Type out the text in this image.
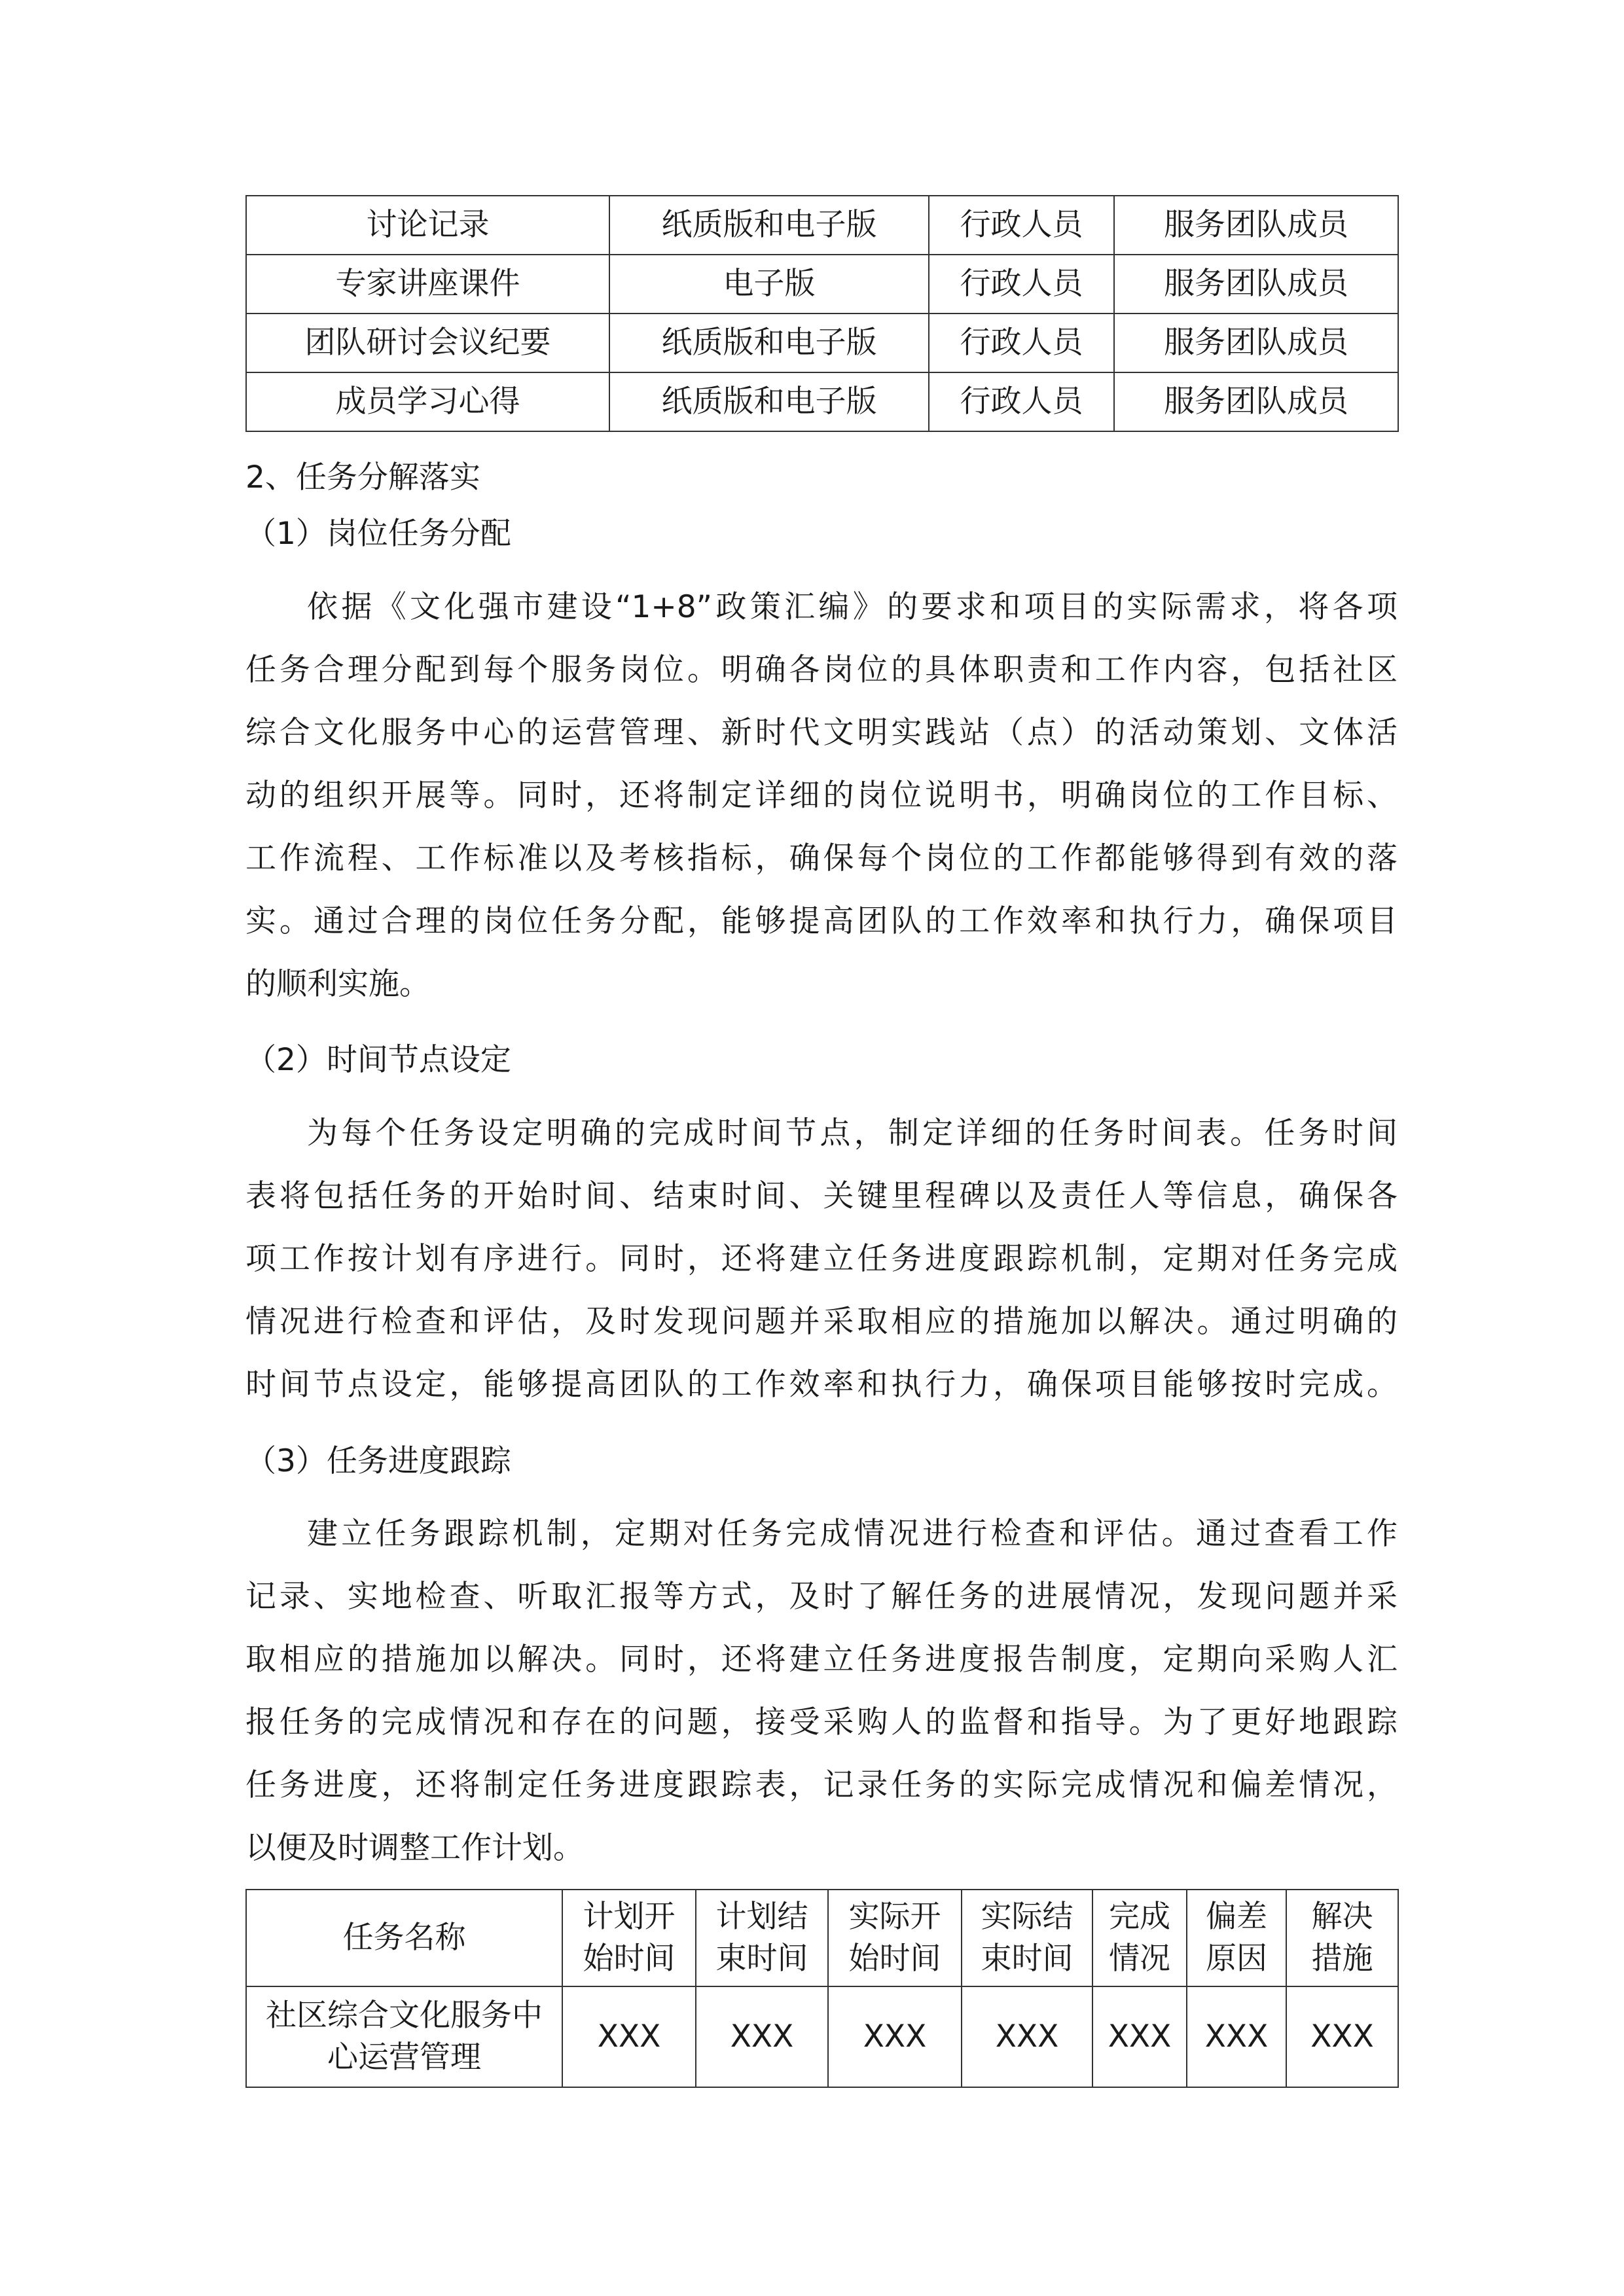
讨论记录	纸质版和电子版	行政人员	服务团队成员
专家讲座课件	电子版	行政人员	服务团队成员
团队研讨会议纪要	纸质版和电子版	行政人员	服务团队成员
成员学习心得	纸质版和电子版	行政人员	服务团队成员
2、任务分解落实
（1）岗位任务分配
依据《文化强市建设“1+8”政策汇编》的要求和项目的实际需求，将各项
任务合理分配到每个服务岗位。明确各岗位的具体职责和工作内容，包括社区
综合文化服务中心的运营管理、新时代文明实践站（点）的活动策划、文体活
动的组织开展等。同时，还将制定详细的岗位说明书，明确岗位的工作目标、
工作流程、工作标准以及考核指标，确保每个岗位的工作都能够得到有效的落
实。通过合理的岗位任务分配，能够提高团队的工作效率和执行力，确保项目
的顺利实施。
（2）时间节点设定
为每个任务设定明确的完成时间节点，制定详细的任务时间表。任务时间
表将包括任务的开始时间、结束时间、关键里程碑以及责任人等信息，确保各
项工作按计划有序进行。同时，还将建立任务进度跟踪机制，定期对任务完成
情况进行检查和评估，及时发现问题并采取相应的措施加以解决。通过明确的
时间节点设定，能够提高团队的工作效率和执行力，确保项目能够按时完成。
（3）任务进度跟踪
建立任务跟踪机制，定期对任务完成情况进行检查和评估。通过查看工作
记录、实地检查、听取汇报等方式，及时了解任务的进展情况，发现问题并采
取相应的措施加以解决。同时，还将建立任务进度报告制度，定期向采购人汇
报任务的完成情况和存在的问题，接受采购人的监督和指导。为了更好地跟踪
任务进度，还将制定任务进度跟踪表，记录任务的实际完成情况和偏差情况，
以便及时调整工作计划。
任务名称	计划开始时间	计划结束时间	实际开始时间	实际结束时间	完成情况	偏差原因	解决措施
社区综合文化服务中心运营管理	XXX	XXX	XXX	XXX	XXX	XXX	XXX
